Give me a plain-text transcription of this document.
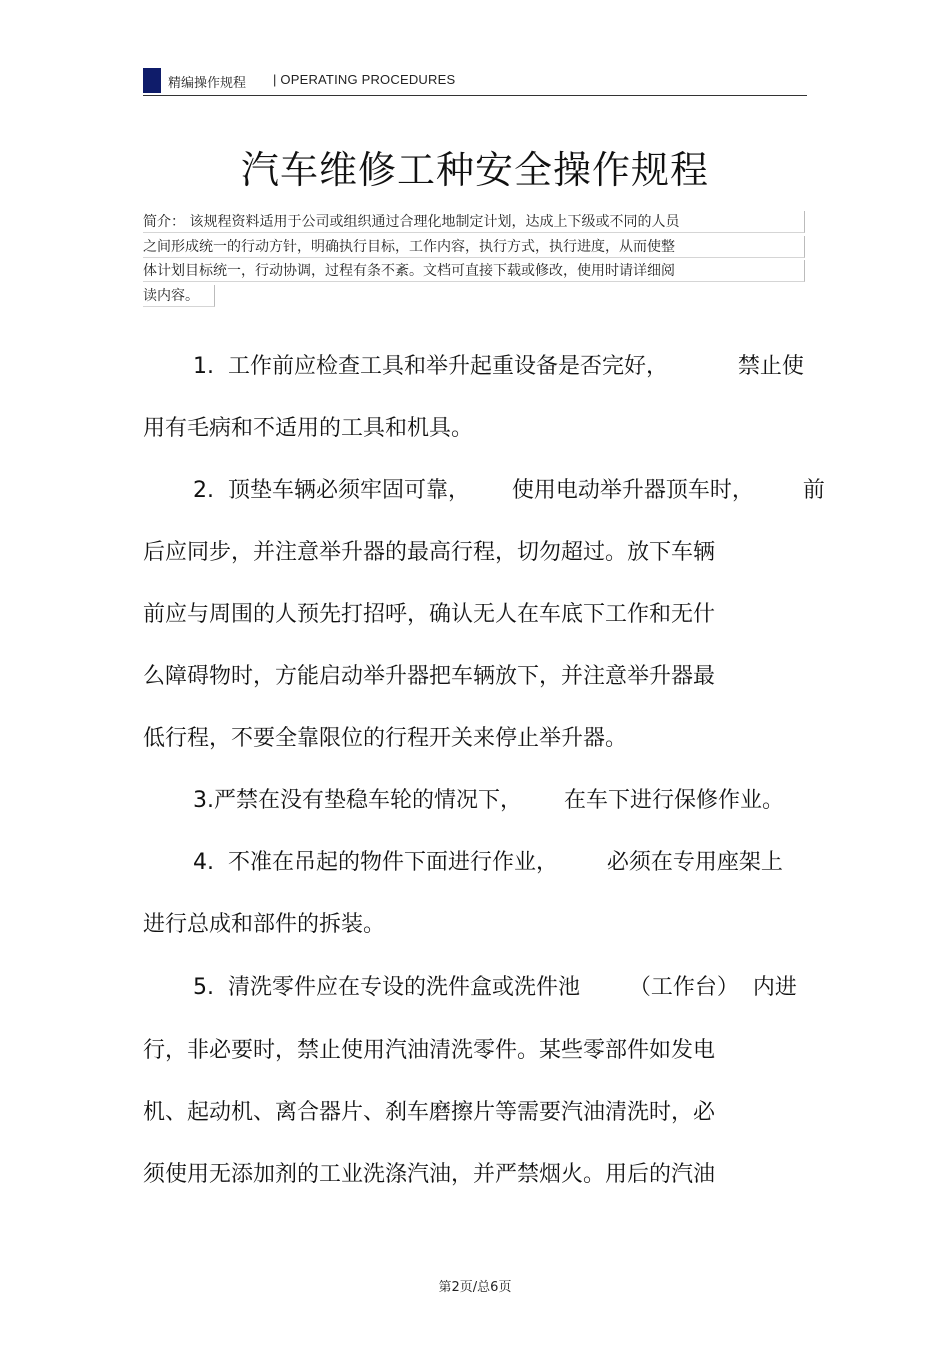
精编操作规程 | OPERATING PROCEDURES
汽车维修工种安全操作规程
简介： 该规程资料适用于公司或组织通过合理化地制定计划，达成上下级或不同的人员
之间形成统一的行动方针，明确执行目标，工作内容，执行方式，执行进度，从而使整
体计划目标统一，行动协调，过程有条不紊。文档可直接下载或修改，使用时请详细阅
读内容。
1.  工作前应检查工具和举升起重设备是否完好，          禁止使
用有毛病和不适用的工具和机具。
2.  顶垫车辆必须牢固可靠，      使用电动举升器顶车时，       前
后应同步，并注意举升器的最高行程，切勿超过。放下车辆
前应与周围的人预先打招呼，确认无人在车底下工作和无什
么障碍物时，方能启动举升器把车辆放下，并注意举升器最
低行程，不要全靠限位的行程开关来停止举升器。
3.严禁在没有垫稳车轮的情况下，      在车下进行保修作业。
4.  不准在吊起的物件下面进行作业，       必须在专用座架上
进行总成和部件的拆装。
5.  清洗零件应在专设的洗件盒或洗件池       （工作台）  内进
行，非必要时，禁止使用汽油清洗零件。某些零部件如发电
机、起动机、离合器片、刹车磨擦片等需要汽油清洗时，必
须使用无添加剂的工业洗涤汽油，并严禁烟火。用后的汽油
第2页/总6页
